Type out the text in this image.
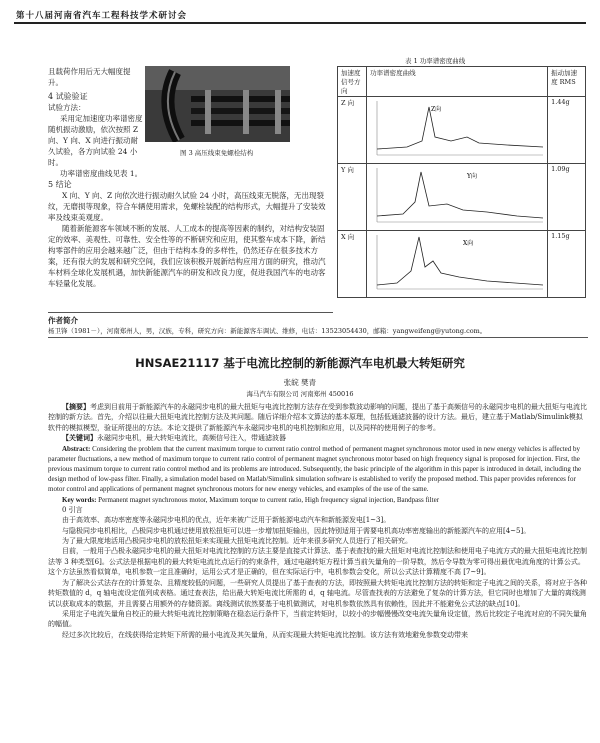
第十八届河南省汽车工程科技学术研讨会

且载荷作用后无大幅度提升。

4 试验验证

试验方法：

采用定加速度功率谱密度随机振动激励，依次按照 Z 向、Y 向、X 向进行振动耐久试验，各方向试验 24 小时。

功率谱密度曲线见表 1。

5 结论

图 3 高压线束免螺栓结构
表 1 功率谱密度曲线
加速度信号方向	功率谱密度曲线	振动加速度 RMS
Z 向	Z向	1.44g
Y 向	Y向	1.09g
X 向	X向	1.15g

X 向、Y 向、Z 向依次进行振动耐久试验 24 小时，高压线束无脱落，无出现裂纹，无磨损等现象，符合车辆使用需求，免螺栓装配的结构形式，大幅提升了安装效率及线束美观度。

随着新能源客车领域不断的发展、人工成本的提高等因素的制约，对结构安装固定的效率、美观性、可靠性、安全性等的不断研究和应用，使其整车成本下降，新结构零部件的应用会越来越广泛，但由于结构本身的多样性，仍然还存在很多技术方案，还有很大的发展和研究空间，我们应该积极开展新结构应用方面的研究，推动汽车材料全球化发展机遇，加快新能源汽车的研发和改良力度，促进我国汽车的电动客车轻量化发展。

作者简介
杨卫锋（1981－），河南郑州人，男，汉族，专科，研究方向：新能源客车调试、维修，电话：13523054430，邮箱：yangweifeng@yutong.com。
HNSAE21117 基于电流比控制的新能源汽车电机最大转矩研究
张皖 樊青
海马汽车有限公司 河南郑州 450016

【摘要】考虑到目前用于新能源汽车的永磁同步电机的最大扭矩与电流比控制方法存在受到参数波动影响的问题，提出了基于高频信号的永磁同步电机的最大扭矩与电流比控制的新方法。首先，介绍以往最大扭矩电流比控制方法及其问题。随后详细介绍本文算法的基本原理，包括低通滤波器的设计方法。最后，建立基于Matlab/Simulink模拟软件的模拟模型，验证所提出的方法。本论文提供了新能源汽车永磁同步电机的电机控制和应用，以及同样的使用例子的参考。

【关键词】永磁同步电机，最大转矩电流比，高频信号注入，带通滤波器

Abstract: Considering the problem that the current maximum torque to current ratio control method of permanent magnet synchronous motor used in new energy vehicles is affected by parameter fluctuations, a new method of maximum torque to current ratio control of permanent magnet synchronous motor based on high frequency signal is proposed for injection. First, the previous maximum torque to current ratio control method and its problems are introduced. Subsequently, the basic principle of the algorithm in this paper is introduced in detail, including the design method of low-pass filter. Finally, a simulation model based on Matlab/Simulink simulation software is established to verify the proposed method. This paper provides references for motor control and applications of permanent magnet synchronous motors for new energy vehicles, and examples of the use of the same.

Key words: Permanent magnet synchronous motor, Maximum torque to current ratio, High frequency signal injection, Bandpass filter

0 引言

由于高效率、高功率密度等永磁同步电机的优点，近年来被广泛用于新能源电动汽车和新能源发电[1~3]。

与隐极同步电机相比，凸极同步电机通过使用放松扭矩可以进一步增加扭矩输出，因此特别适用于需要电机高功率密度输出的新能源汽车的应用[4~5]。

为了最大限度地活用凸极同步电机的放松扭矩来实现最大扭矩电流比控制。近年来很多研究人员进行了相关研究。

目前，一般用于凸极永磁同步电机的最大扭矩对电流比控制的方法主要是直接式计算法、基于表查找的最大扭矩对电流比控制法和使用电子电流方式的最大扭矩电流比控制法等 3 种类型[6]。公式法是根据电机的最大转矩电流比点运行的约束条件，通过电磁转矩方程计算当前矢量角的一阶导数，然后令导数为零可得出最优电流角度的计算公式。这个方法虽然看似简单，电机参数一定且准确时，运用公式才是正确的，但在实际运行中，电机参数会变化，所以公式法计算精度不高 [7~9]。

为了解决公式法存在的计算复杂、且精度较低的问题，一些研究人员提出了基于查表的方法，即按照最大转矩电流比控制方法的转矩和定子电流之间的关系，将对应于各种转矩数值的 d，q 轴电流设定值列成表格。通过查表法，给出最大转矩电流比所需的 d，q 轴电流。尽管查找表的方法避免了复杂的计算方法，但它同时也增加了大量的离线测试以获取成本的数据，并且需要占用额外的存储资源。离线测试依然要基于电机做测试，对电机参数依然具有依赖性，因此并不能避免公式法的缺点[10]。

采用定子电流矢量角自校正的最大转矩电流比控制策略在稳态运行条件下，当前定转矩时，以较小的步幅慢慢改变电流矢量角设定值，然后比较定子电流对应的不同矢量角的幅值。

经过多次比较后，在线获得给定转矩下所需的最小电流及其矢量角，从而实现最大转矩电流比控制。该方法有效地避免参数变动带来
